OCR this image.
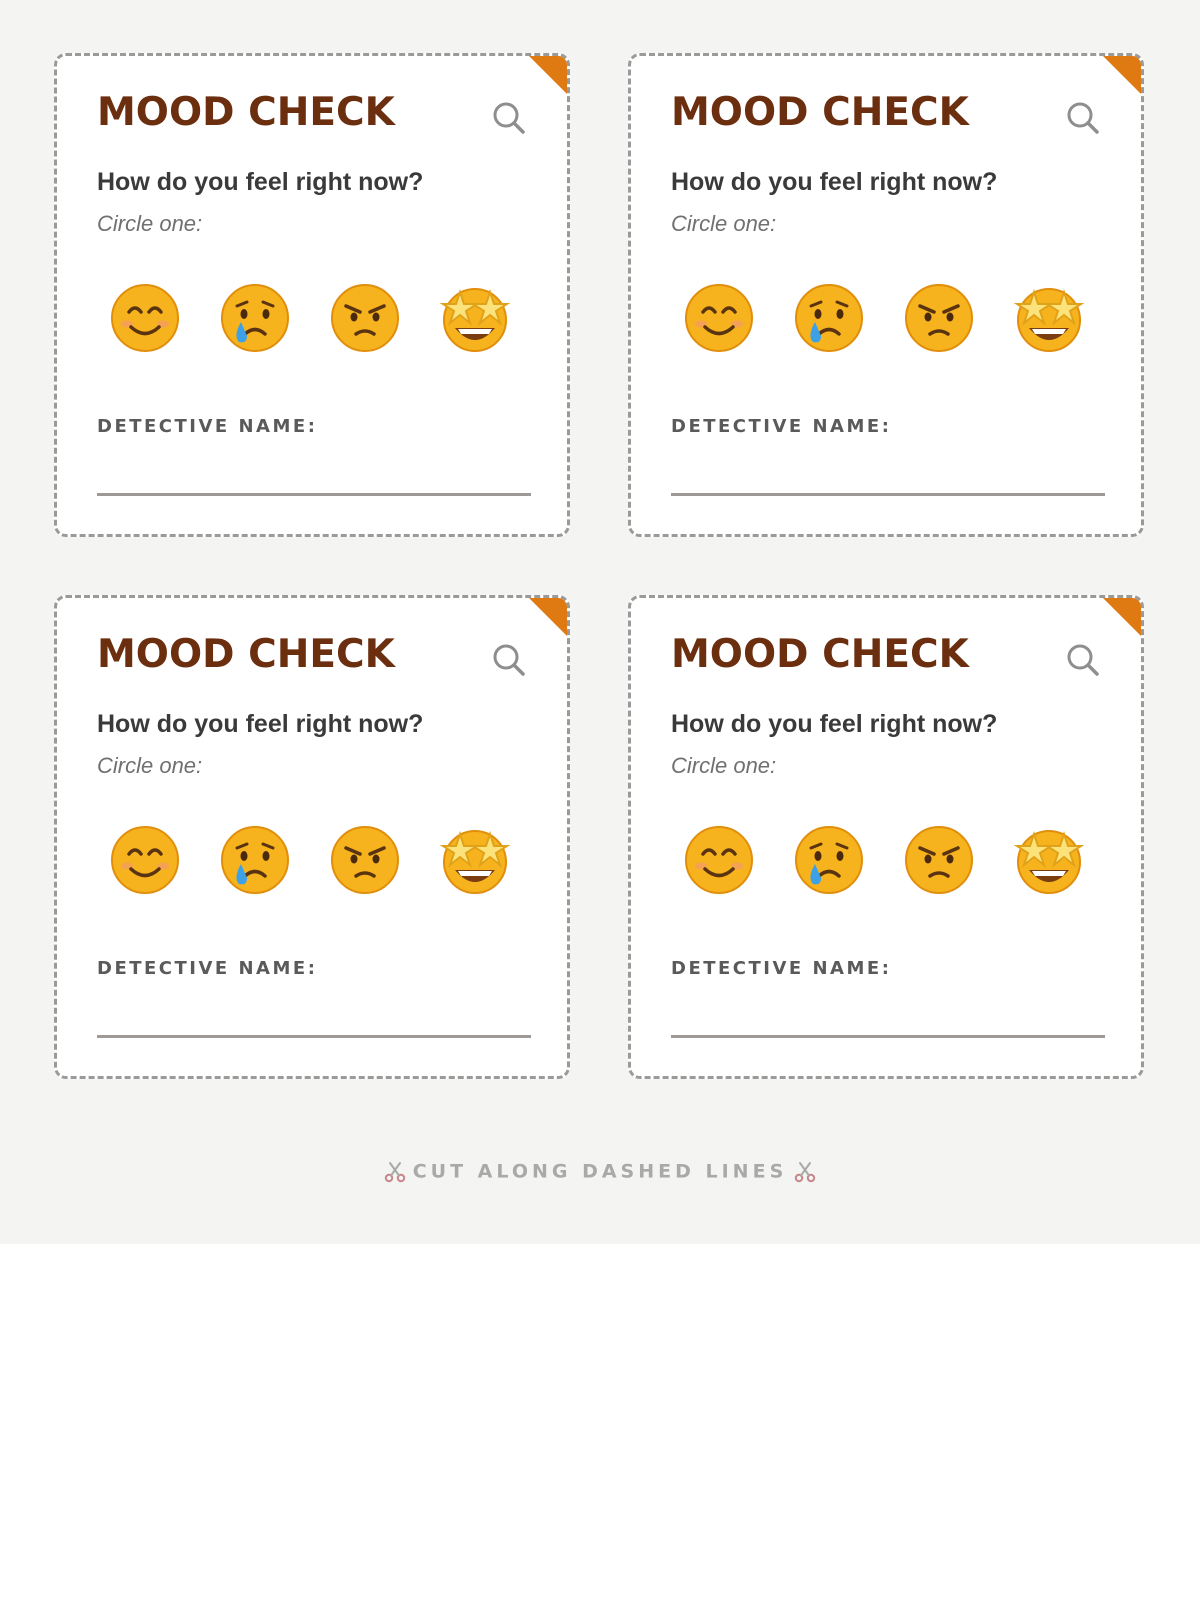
MOOD CHECK
How do you feel right now?
Circle one:
DETECTIVE NAME:
MOOD CHECK
How do you feel right now?
Circle one:
DETECTIVE NAME:
MOOD CHECK
How do you feel right now?
Circle one:
DETECTIVE NAME:
MOOD CHECK
How do you feel right now?
Circle one:
DETECTIVE NAME:
CUT ALONG DASHED LINES
